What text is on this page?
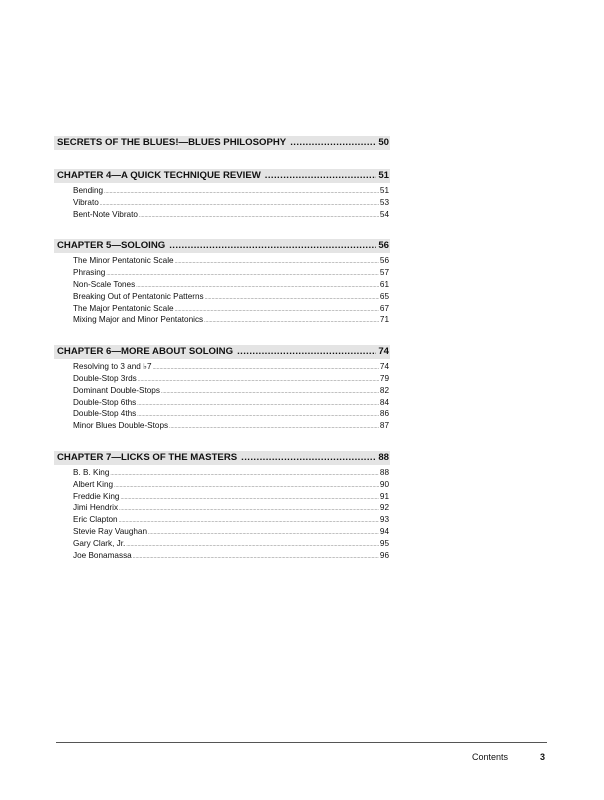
SECRETS OF THE BLUES!—BLUES PHILOSOPHY .....	50
CHAPTER 4—A QUICK TECHNIQUE REVIEW .....	51
Bending .....	51
Vibrato .....	53
Bent-Note Vibrato .....	54
CHAPTER 5—SOLOING .....	56
The Minor Pentatonic Scale .....	56
Phrasing .....	57
Non-Scale Tones .....	61
Breaking Out of Pentatonic Patterns .....	65
The Major Pentatonic Scale .....	67
Mixing Major and Minor Pentatonics .....	71
CHAPTER 6—MORE ABOUT SOLOING .....	74
Resolving to 3 and ♭7 .....	74
Double-Stop 3rds .....	79
Dominant Double-Stops .....	82
Double-Stop 6ths .....	84
Double-Stop 4ths .....	86
Minor Blues Double-Stops .....	87
CHAPTER 7—LICKS OF THE MASTERS .....	88
B. B. King .....	88
Albert King .....	90
Freddie King .....	91
Jimi Hendrix .....	92
Eric Clapton .....	93
Stevie Ray Vaughan .....	94
Gary Clark, Jr. .....	95
Joe Bonamassa .....	96
Contents	3
